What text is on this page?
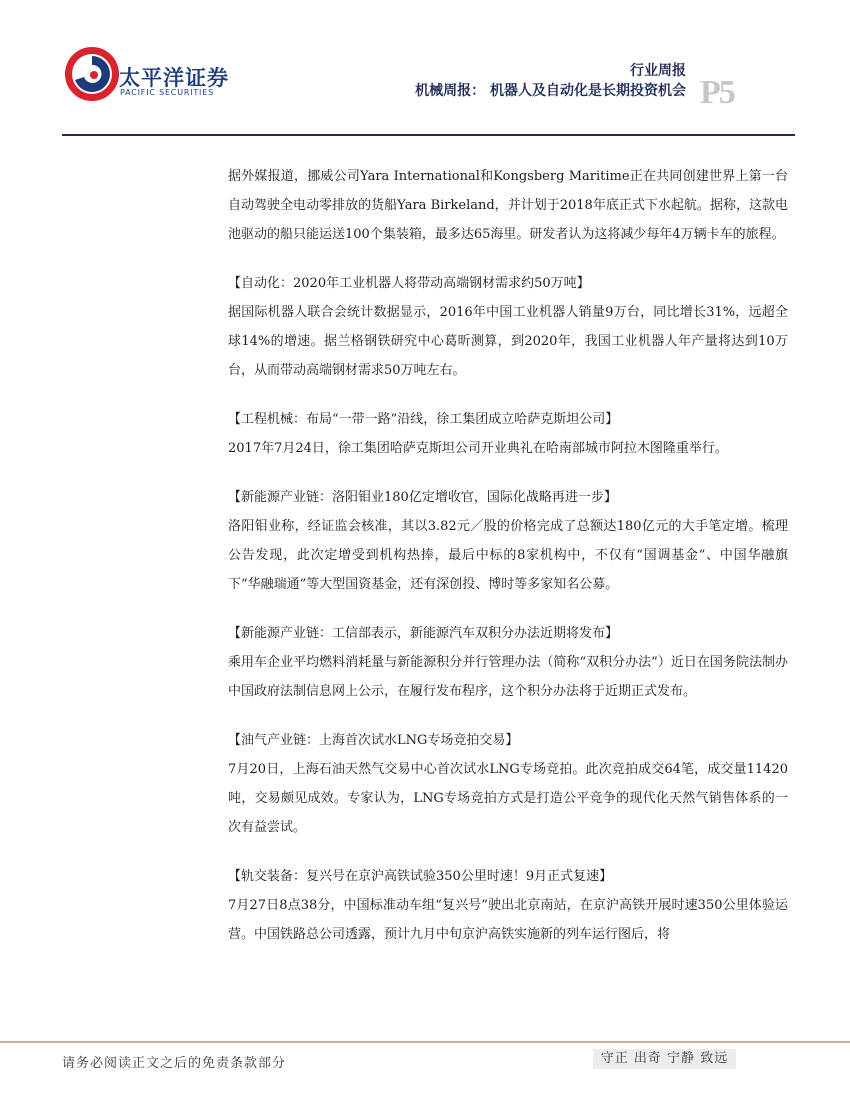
太平洋证券
PACIFIC SECURITIES
行业周报
机械周报： 机器人及自动化是长期投资机会 P5

据外媒报道，挪威公司Yara International和Kongsberg Maritime正在共同创建世界上第一台自动驾驶全电动零排放的货船Yara Birkeland，并计划于2018年底正式下水起航。据称，这款电池驱动的船只能运送100个集装箱，最多达65海里。研发者认为这将减少每年4万辆卡车的旅程。

【自动化：2020年工业机器人将带动高端钢材需求约50万吨】

据国际机器人联合会统计数据显示，2016年中国工业机器人销量9万台，同比增长31%，远超全球14%的增速。据兰格钢铁研究中心葛昕测算，到2020年，我国工业机器人年产量将达到10万台，从而带动高端钢材需求50万吨左右。

【工程机械：布局“一带一路”沿线，徐工集团成立哈萨克斯坦公司】

2017年7月24日，徐工集团哈萨克斯坦公司开业典礼在哈南部城市阿拉木图隆重举行。

【新能源产业链：洛阳钼业180亿定增收官，国际化战略再进一步】

洛阳钼业称，经证监会核准，其以3.82元／股的价格完成了总额达180亿元的大手笔定增。梳理公告发现，此次定增受到机构热捧，最后中标的8家机构中，不仅有“国调基金”、中国华融旗下“华融瑞通”等大型国资基金，还有深创投、博时等多家知名公募。

【新能源产业链：工信部表示，新能源汽车双积分办法近期将发布】

乘用车企业平均燃料消耗量与新能源积分并行管理办法（简称“双积分办法”）近日在国务院法制办中国政府法制信息网上公示，在履行发布程序，这个积分办法将于近期正式发布。

【油气产业链：上海首次试水LNG专场竞拍交易】

7月20日，上海石油天然气交易中心首次试水LNG专场竞拍。此次竞拍成交64笔，成交量11420吨，交易颇见成效。专家认为，LNG专场竞拍方式是打造公平竞争的现代化天然气销售体系的一次有益尝试。

【轨交装备：复兴号在京沪高铁试验350公里时速！9月正式复速】

7月27日8点38分，中国标准动车组“复兴号”驶出北京南站，在京沪高铁开展时速350公里体验运营。中国铁路总公司透露，预计九月中旬京沪高铁实施新的列车运行图后，将

请务必阅读正文之后的免责条款部分	守正 出奇 宁静 致远
